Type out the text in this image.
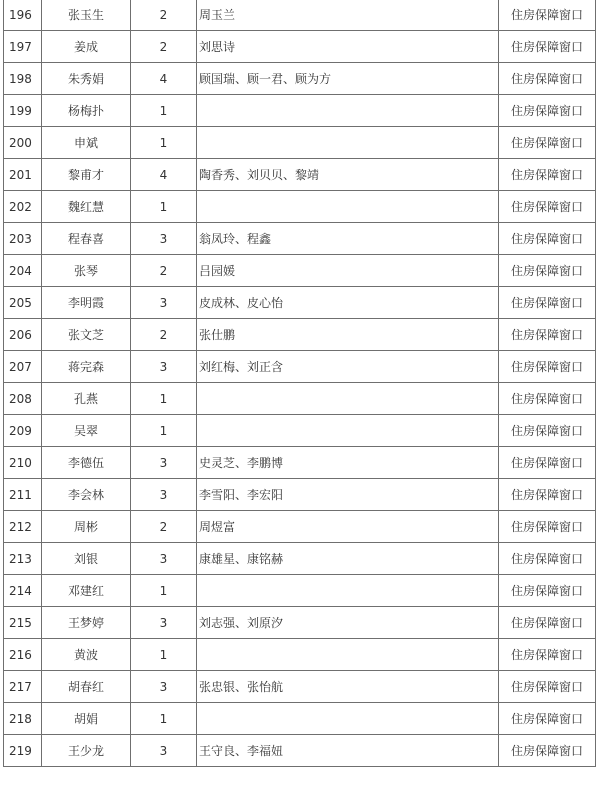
196	张玉生	2	周玉兰	住房保障窗口
197	姜成	2	刘思诗	住房保障窗口
198	朱秀娟	4	顾国瑞、顾一君、顾为方	住房保障窗口
199	杨梅扑	1		住房保障窗口
200	申斌	1		住房保障窗口
201	黎甫才	4	陶香秀、刘贝贝、黎靖	住房保障窗口
202	魏红慧	1		住房保障窗口
203	程春喜	3	翁凤玲、程鑫	住房保障窗口
204	张琴	2	吕园媛	住房保障窗口
205	李明霞	3	皮成林、皮心怡	住房保障窗口
206	张文芝	2	张仕鹏	住房保障窗口
207	蒋完森	3	刘红梅、刘正含	住房保障窗口
208	孔燕	1		住房保障窗口
209	吴翠	1		住房保障窗口
210	李德伍	3	史灵芝、李鹏博	住房保障窗口
211	李会林	3	李雪阳、李宏阳	住房保障窗口
212	周彬	2	周煜富	住房保障窗口
213	刘银	3	康雄星、康铭赫	住房保障窗口
214	邓建红	1		住房保障窗口
215	王梦婷	3	刘志强、刘原汐	住房保障窗口
216	黄波	1		住房保障窗口
217	胡春红	3	张忠银、张怡航	住房保障窗口
218	胡娟	1		住房保障窗口
219	王少龙	3	王守良、李福妞	住房保障窗口
